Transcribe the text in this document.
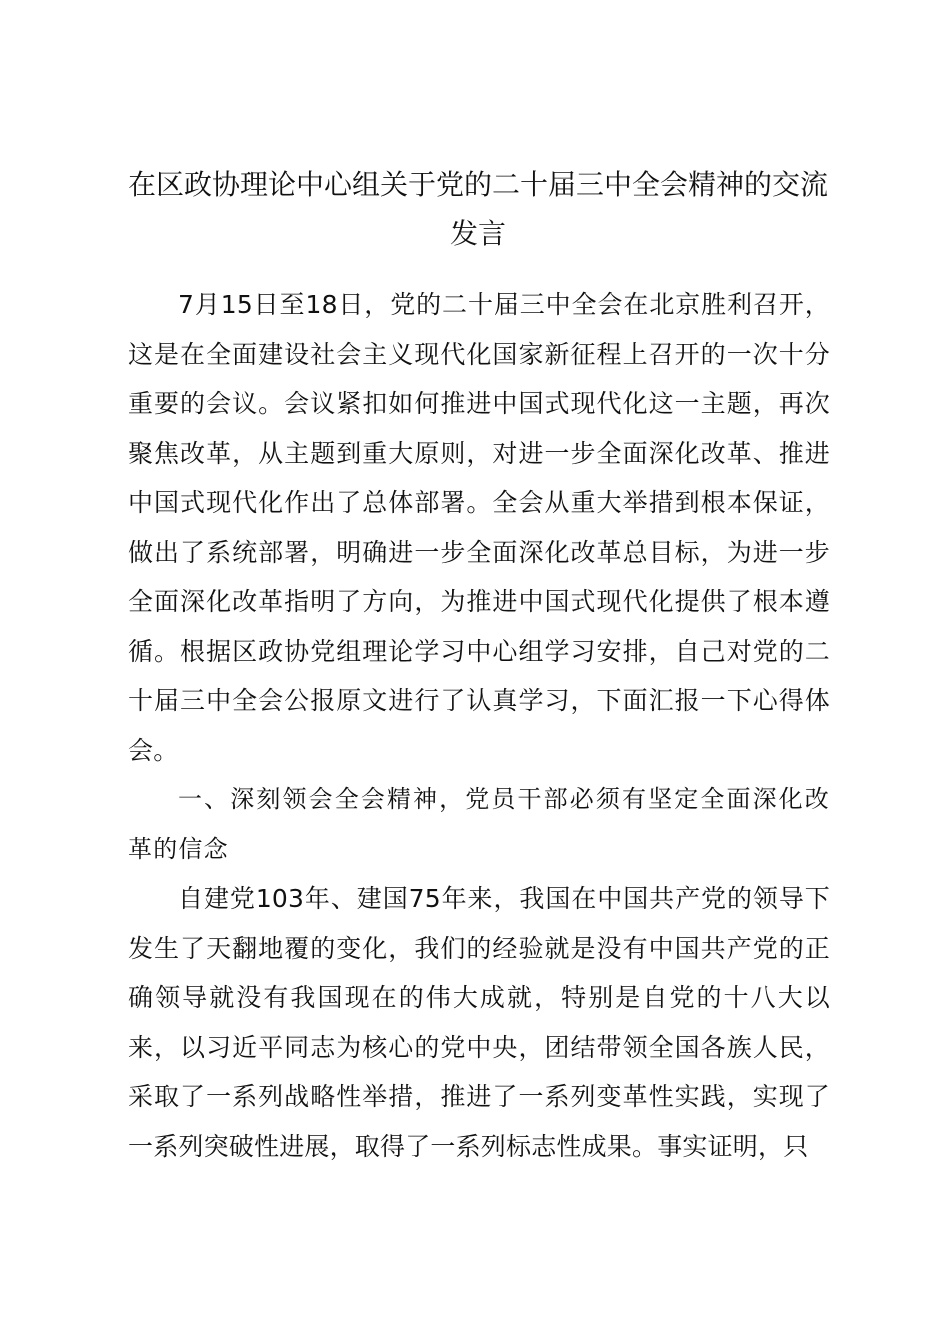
在区政协理论中心组关于党的二十届三中全会精神的交流发言

7月15日至18日，党的二十届三中全会在北京胜利召开，这是在全面建设社会主义现代化国家新征程上召开的一次十分重要的会议。会议紧扣如何推进中国式现代化这一主题，再次聚焦改革，从主题到重大原则，对进一步全面深化改革、推进中国式现代化作出了总体部署。全会从重大举措到根本保证，做出了系统部署，明确进一步全面深化改革总目标，为进一步全面深化改革指明了方向，为推进中国式现代化提供了根本遵循。根据区政协党组理论学习中心组学习安排，自己对党的二十届三中全会公报原文进行了认真学习，下面汇报一下心得体会。

一、深刻领会全会精神，党员干部必须有坚定全面深化改革的信念

自建党103年、建国75年来，我国在中国共产党的领导下发生了天翻地覆的变化，我们的经验就是没有中国共产党的正确领导就没有我国现在的伟大成就，特别是自党的十八大以来，以习近平同志为核心的党中央，团结带领全国各族人民，采取了一系列战略性举措，推进了一系列变革性实践，实现了一系列突破性进展，取得了一系列标志性成果。事实证明，只
